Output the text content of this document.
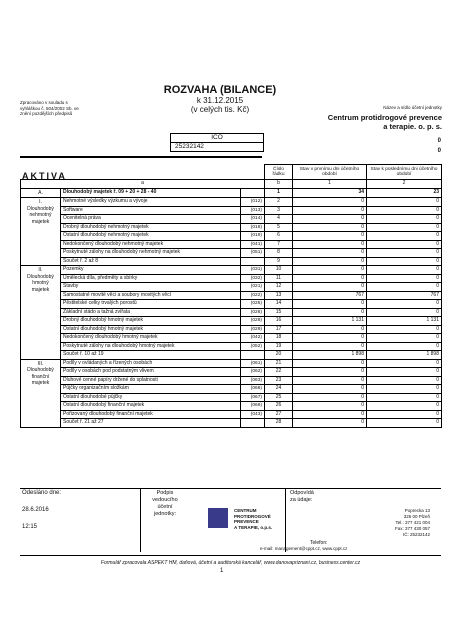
Zpracováno v souladu s
vyhláškou č. 504/2002 Sb. ve
znění pozdějších předpisů
ROZVAHA (BILANCE)
k 31.12.2015
(v celých tis. Kč)	Název a sídlo účetní jednotky
Centrum protidrogové prevence
a terapie. o. p. s.
IČO
25232142
0
0
AKTIVA
			Číslo řádku	Stav v prvnímu dni účetního období	Stav k poslednímu dni účetního období
a			b	1	2

A.	Dlouhodobý majetek ř. 09 + 20 + 28 - 40		1	34	23

I.
Dlouhodobý nehmotný majetek	Nehmotné výsledky výzkumu a vývoje	(012)	2	0	0
	Software	(013)	3	0	0
	Ocenitelná práva	(014)	4	0	0
	Drobný dlouhodobý nehmotný majetek	(018)	5	0	0
	Ostatní dlouhodobý nehmotný majetek	(019)	6	0	0
	Nedokončený dlouhodobý nehmotný majetek	(041)	7	0	0
	Poskytnuté zálohy na dlouhodobý nehmotný majetek	(051)	8	0	0
	Součet ř. 2 až 8		9	0	0

II.
Dlouhodobý hmotný majetek	Pozemky	(031)	10	0	0
	Umělecká díla, předměty a sbírky	(032)	11	0	0
	Stavby	(021)	12	0	0
	Samostatné movité věci a soubory movitých věcí	(022)	13	767	767
	Pěstitelské celky trvalých porostů	(025)	14	0	0
	Základní stádo a tažná zvířata	(026)	15	0	0
	Drobný dlouhodobý hmotný majetek	(028)	16	1 131	1 131
	Ostatní dlouhodobý hmotný majetek	(029)	17	0	0
	Nedokončený dlouhodobý hmotný majetek	(042)	18	0	0
	Poskytnuté zálohy na dlouhodobý hmotný majetek	(052)	19	0	0
	Součet ř. 10 až 19		20	1 898	1 898

III.
Dlouhodobý finanční majetek	Podíly v ovládaných a řízených osobách	(061)	21	0	0
	Podíly v osobách pod podstatným vlivem	(062)	22	0	0
	Dluhové cenné papíry držené do splatnosti	(063)	23	0	0
	Půjčky organizačním složkám	(066)	24	0	0
	Ostatní dlouhodobé půjčky	(067)	25	0	0
	Ostatní dlouhodobý finanční majetek	(069)	26	0	0
	Pořizovaný dlouhodobý finanční majetek	(043)	27	0	0
	Součet ř. 21 až 27		28	0	0
Odesláno dne:
28.6.2016
12:15
Podpis
vedoucího
účetní
jednotky:
Odpovídá
za údaje:
CENTRUM
PROTIDROGOVÉ
PREVENCE
A TERAPIE, o.p.s.
Poprecka 13
326 00 Plzeň
Tel.: 377 421 004
Fax: 377 430 057
IČ: 25232142
Telefon:
e-mail: management@cppt.cz, www.cppt.cz
Formulář zpracovala ASPEKT HM, daňová, účetní a auditorská kancelář, www.danovapriznani.cz, business.center.cz
1
